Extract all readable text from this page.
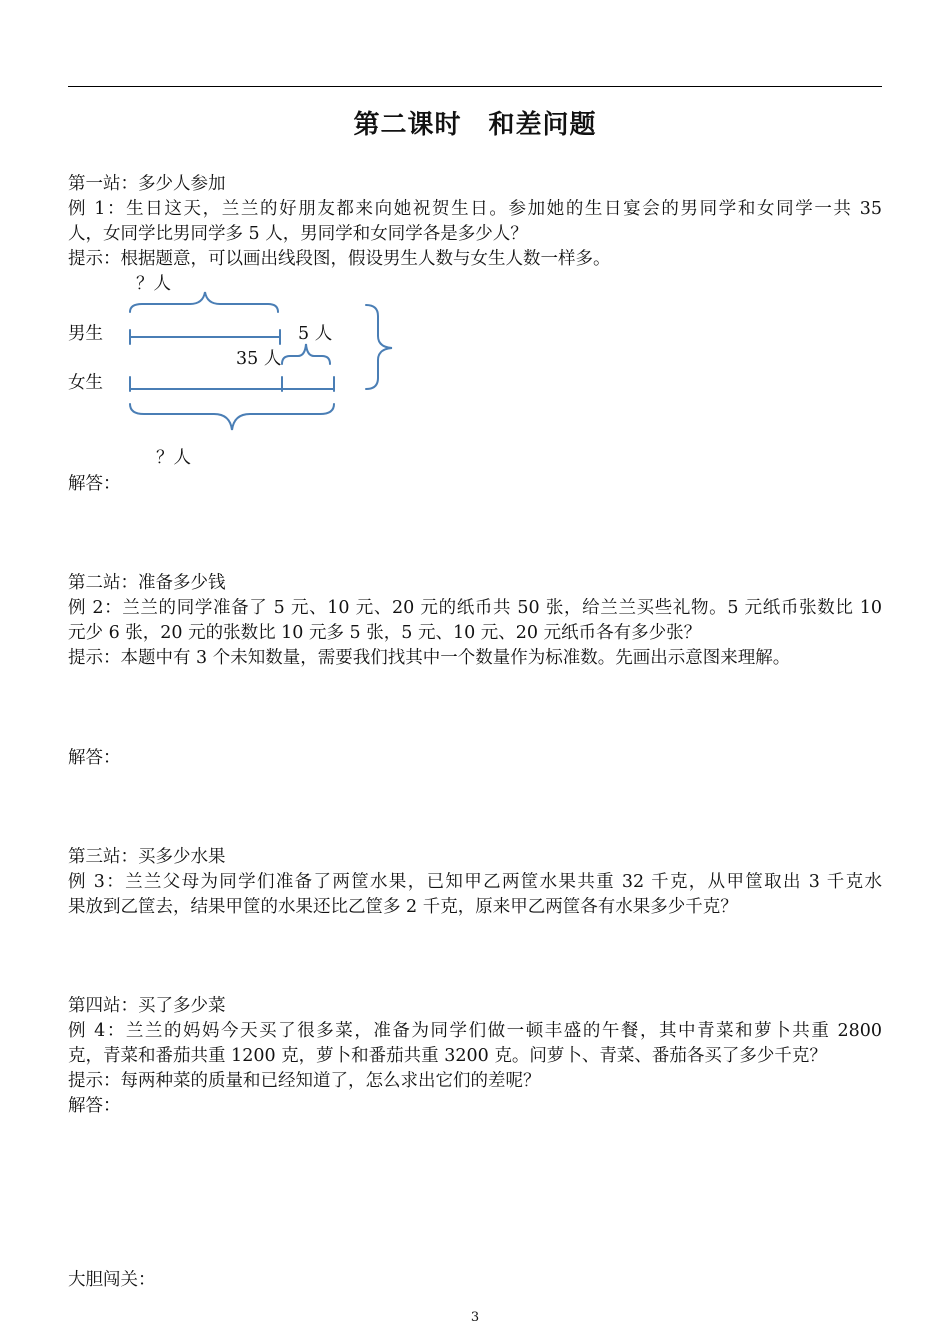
第二课时　和差问题
第一站：多少人参加
例 1：生日这天，兰兰的好朋友都来向她祝贺生日。参加她的生日宴会的男同学和女同学一共 35
人，女同学比男同学多 5 人，男同学和女同学各是多少人？
提示：根据题意，可以画出线段图，假设男生人数与女生人数一样多。
？人
男生	5 人
35 人
女生
？人
解答：
第二站：准备多少钱
例 2：兰兰的同学准备了 5 元、10 元、20 元的纸币共 50 张，给兰兰买些礼物。5 元纸币张数比 10
元少 6 张，20 元的张数比 10 元多 5 张，5 元、10 元、20 元纸币各有多少张？
提示：本题中有 3 个未知数量，需要我们找其中一个数量作为标准数。先画出示意图来理解。
解答：
第三站：买多少水果
例 3：兰兰父母为同学们准备了两筐水果，已知甲乙两筐水果共重 32 千克，从甲筐取出 3 千克水
果放到乙筐去，结果甲筐的水果还比乙筐多 2 千克，原来甲乙两筐各有水果多少千克？
第四站：买了多少菜
例 4：兰兰的妈妈今天买了很多菜，准备为同学们做一顿丰盛的午餐，其中青菜和萝卜共重 2800
克，青菜和番茄共重 1200 克，萝卜和番茄共重 3200 克。问萝卜、青菜、番茄各买了多少千克？
提示：每两种菜的质量和已经知道了，怎么求出它们的差呢？
解答：
大胆闯关：
3
